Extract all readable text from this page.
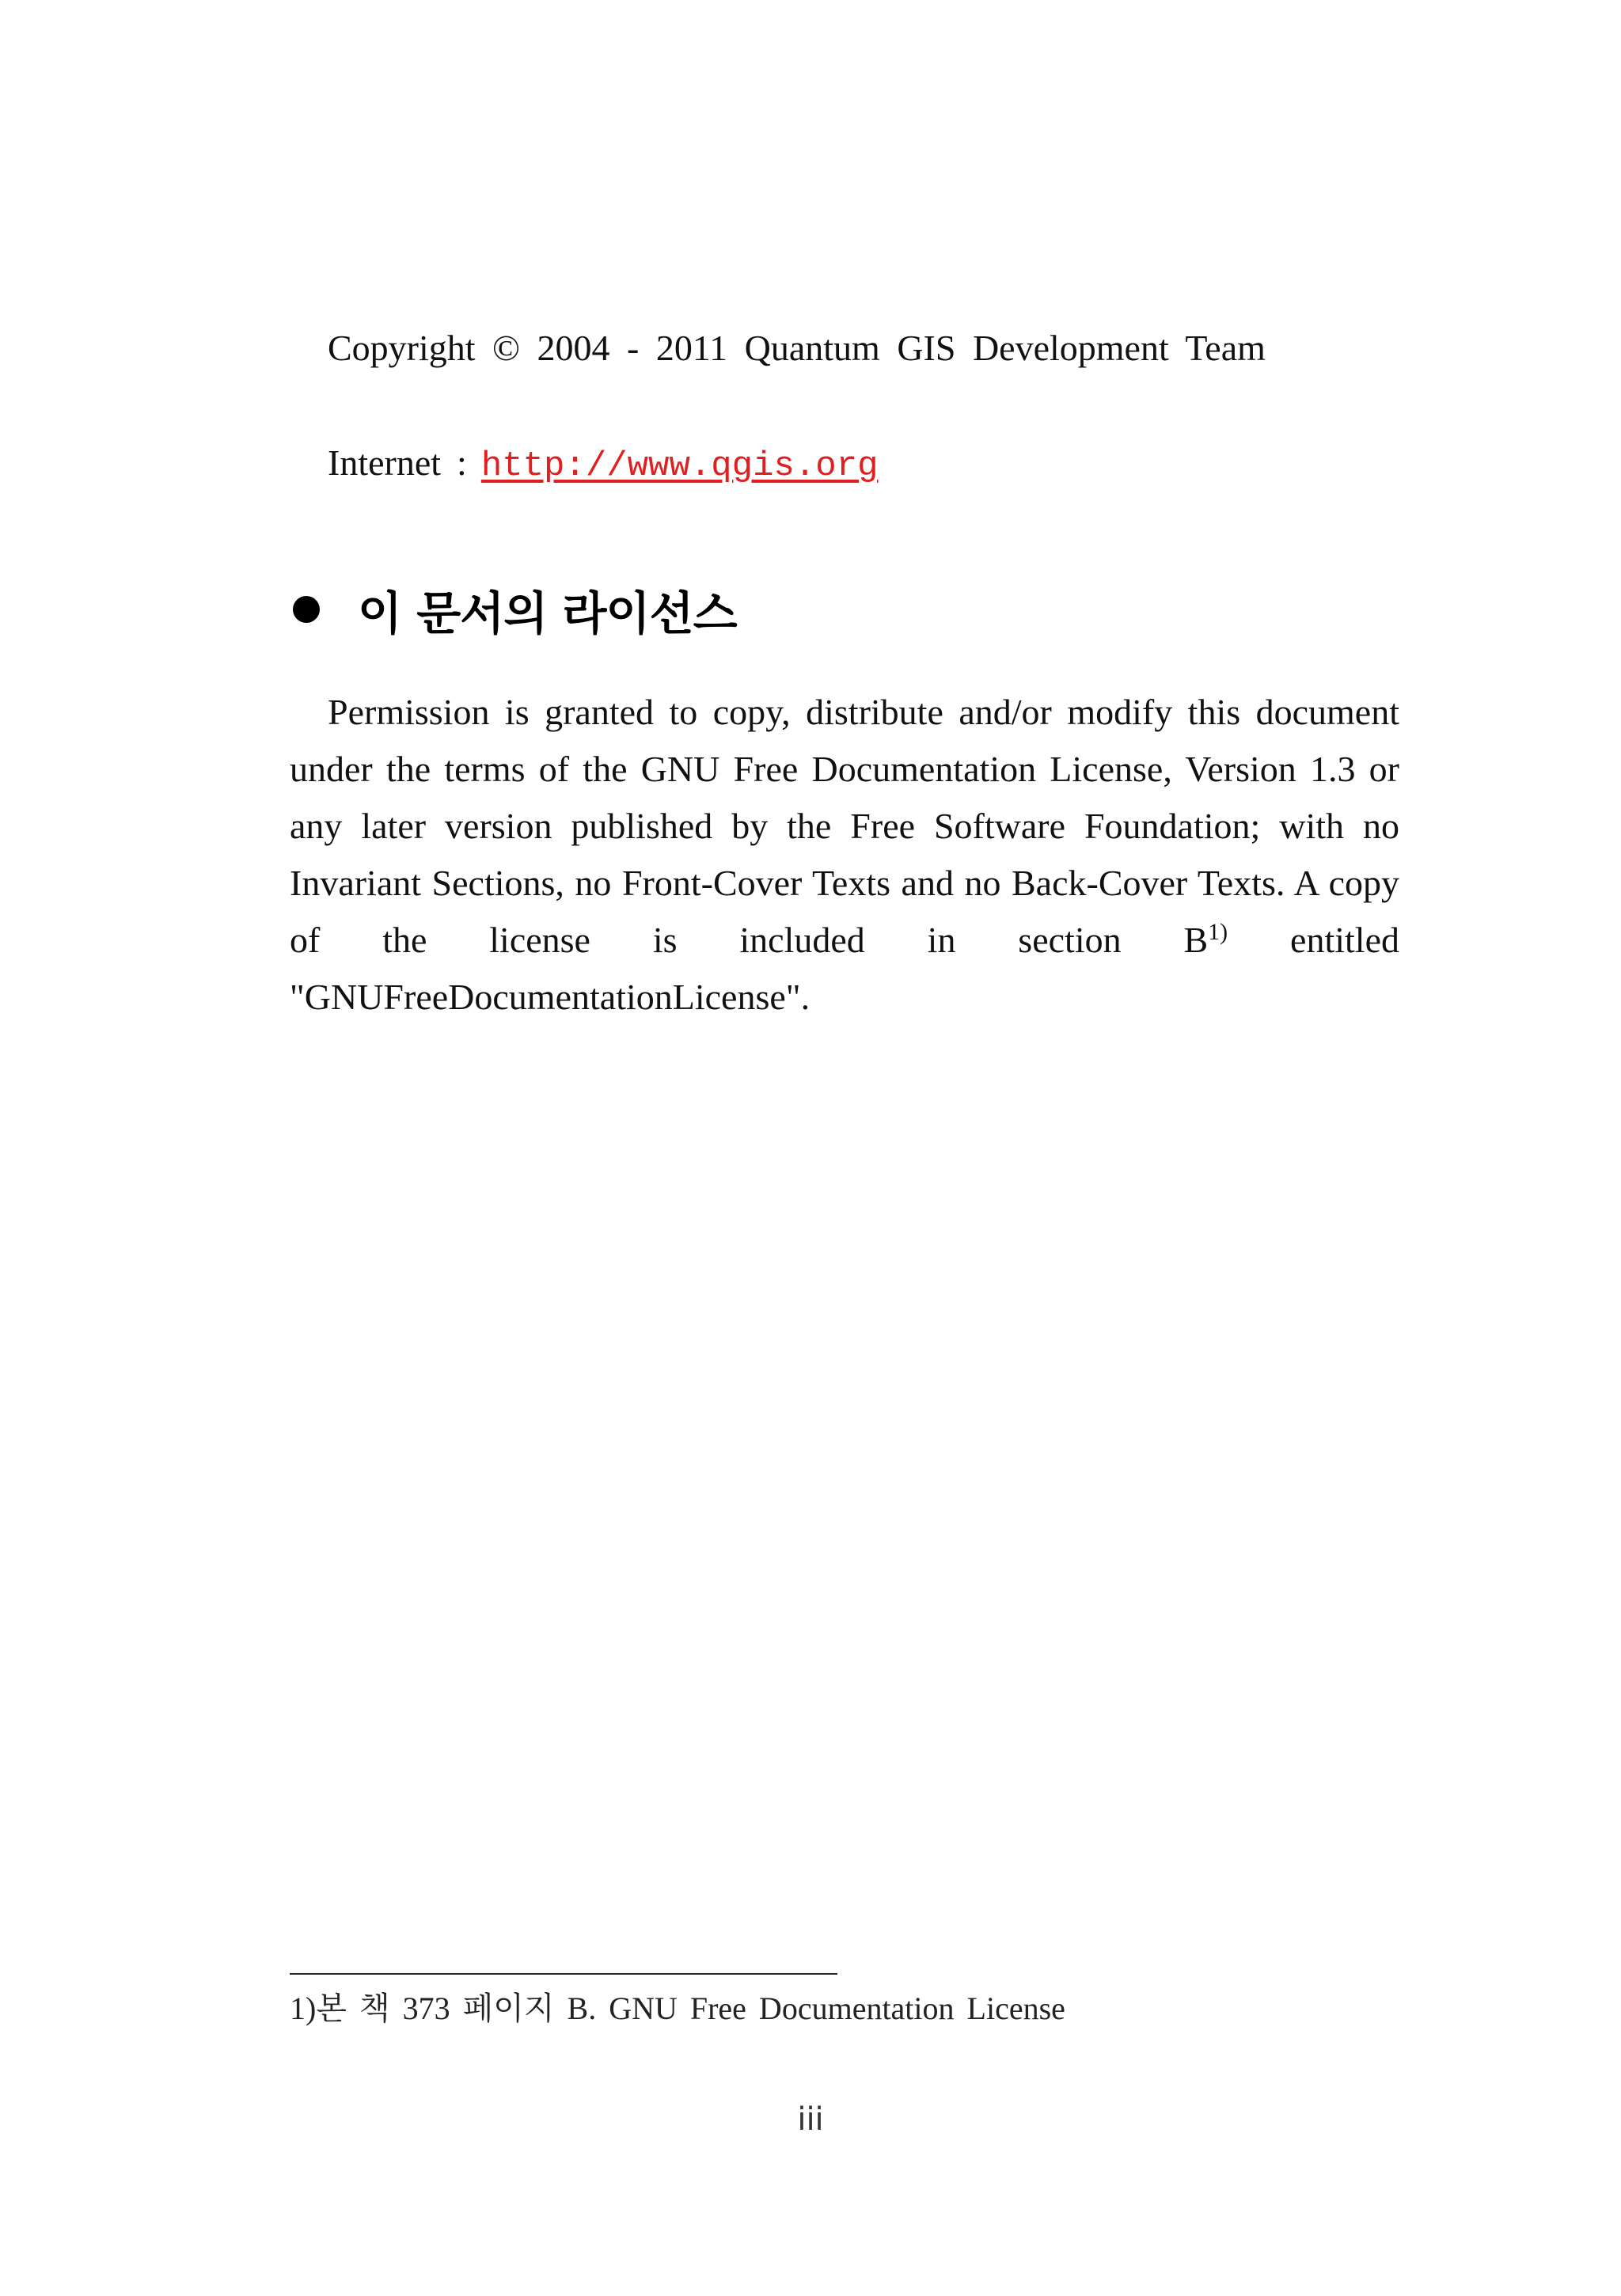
Copyright © 2004 - 2011 Quantum GIS Development Team
Internet : http://www.qgis.org
이 문서의 라이선스

Permission is granted to copy, distribute and/or modify this document under the terms of the GNU Free Documentation License, Version 1.3 or any later version published by the Free Software Foundation; with no Invariant Sections, no Front-Cover Texts and no Back-Cover Texts. A copy of the license is included in section $B^{1)}$ entitled "GNUFreeDocumentationLicense".

1)본 책 373 페이지 B. GNU Free Documentation License
iii
